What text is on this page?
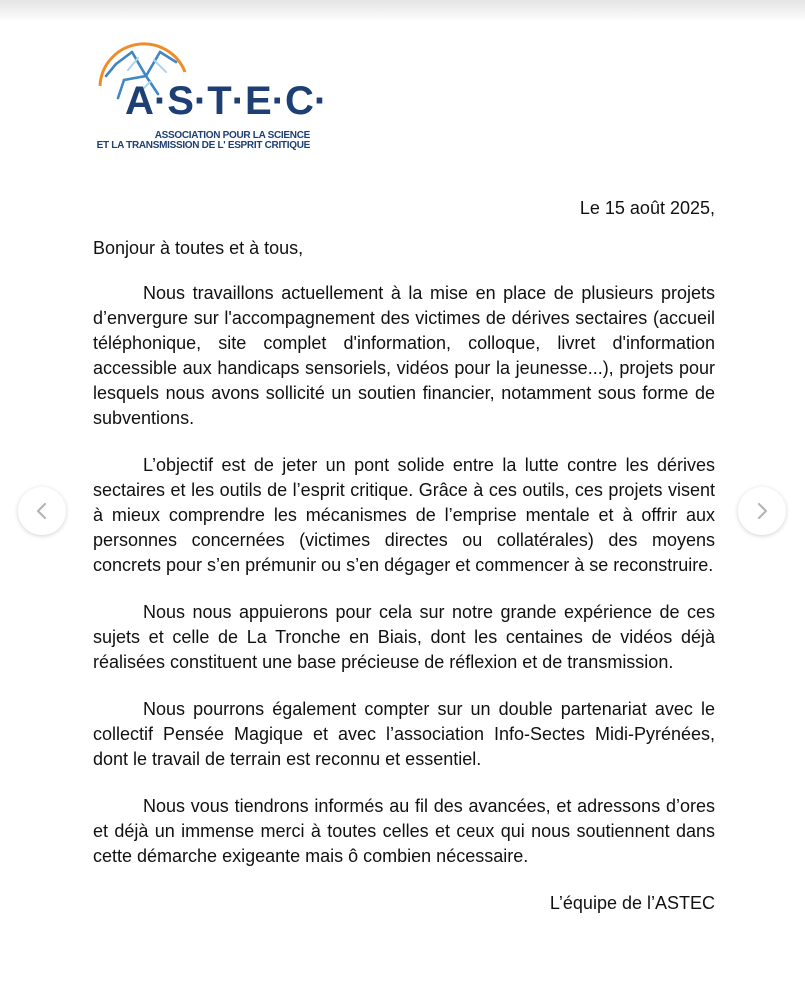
A·S·T·E·C·
ASSOCIATION POUR LA SCIENCE
ET LA TRANSMISSION DE L' ESPRIT CRITIQUE

Le 15 août 2025,

Bonjour à toutes et à tous,

Nous travaillons actuellement à la mise en place de plusieurs projets d’envergure sur l'accompagnement des victimes de dérives sectaires (accueil téléphonique, site complet d'information, colloque, livret d'information accessible aux handicaps sensoriels, vidéos pour la jeunesse...), projets pour lesquels nous avons sollicité un soutien financier, notamment sous forme de subventions.

L’objectif est de jeter un pont solide entre la lutte contre les dérives sectaires et les outils de l’esprit critique. Grâce à ces outils, ces projets visent à mieux comprendre les mécanismes de l’emprise mentale et à offrir aux personnes concernées (victimes directes ou collatérales) des moyens concrets pour s’en prémunir ou s’en dégager et commencer à se reconstruire.

Nous nous appuierons pour cela sur notre grande expérience de ces sujets et celle de La Tronche en Biais, dont les centaines de vidéos déjà réalisées constituent une base précieuse de réflexion et de transmission.

Nous pourrons également compter sur un double partenariat avec le collectif Pensée Magique et avec l’association Info-Sectes Midi-Pyrénées, dont le travail de terrain est reconnu et essentiel.

Nous vous tiendrons informés au fil des avancées, et adressons d’ores et déjà un immense merci à toutes celles et ceux qui nous soutiennent dans cette démarche exigeante mais ô combien nécessaire.

L’équipe de l’ASTEC
